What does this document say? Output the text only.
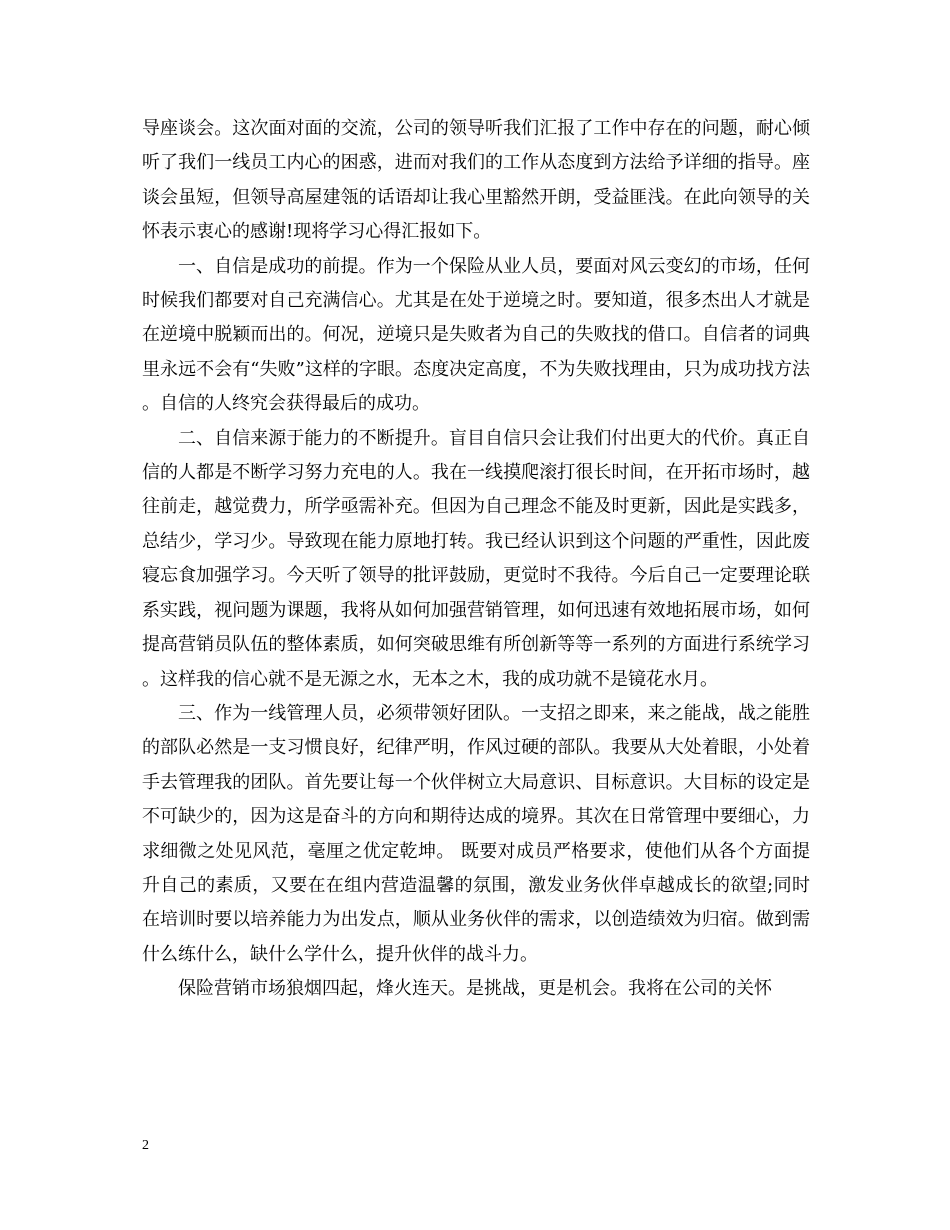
导座谈会。这次面对面的交流，公司的领导听我们汇报了工作中存在的问题，耐心倾听了我们一线员工内心的困惑，进而对我们的工作从态度到方法给予详细的指导。座谈会虽短，但领导高屋建瓴的话语却让我心里豁然开朗，受益匪浅。在此向领导的关怀表示衷心的感谢!现将学习心得汇报如下。

一、自信是成功的前提。作为一个保险从业人员，要面对风云变幻的市场，任何时候我们都要对自己充满信心。尤其是在处于逆境之时。要知道，很多杰出人才就是在逆境中脱颖而出的。何况，逆境只是失败者为自己的失败找的借口。自信者的词典里永远不会有“失败”这样的字眼。态度决定高度，不为失败找理由，只为成功找方法。自信的人终究会获得最后的成功。

二、自信来源于能力的不断提升。盲目自信只会让我们付出更大的代价。真正自信的人都是不断学习努力充电的人。我在一线摸爬滚打很长时间，在开拓市场时，越往前走，越觉费力，所学亟需补充。但因为自己理念不能及时更新，因此是实践多，总结少，学习少。导致现在能力原地打转。我已经认识到这个问题的严重性，因此废寝忘食加强学习。今天听了领导的批评鼓励，更觉时不我待。今后自己一定要理论联系实践，视问题为课题，我将从如何加强营销管理，如何迅速有效地拓展市场，如何提高营销员队伍的整体素质，如何突破思维有所创新等等一系列的方面进行系统学习。这样我的信心就不是无源之水，无本之木，我的成功就不是镜花水月。

三、作为一线管理人员，必须带领好团队。一支招之即来，来之能战，战之能胜的部队必然是一支习惯良好，纪律严明，作风过硬的部队。我要从大处着眼，小处着手去管理我的团队。首先要让每一个伙伴树立大局意识、目标意识。大目标的设定是不可缺少的，因为这是奋斗的方向和期待达成的境界。其次在日常管理中要细心，力求细微之处见风范，毫厘之优定乾坤。 既要对成员严格要求，使他们从各个方面提升自己的素质，又要在在组内营造温馨的氛围，激发业务伙伴卓越成长的欲望;同时在培训时要以培养能力为出发点，顺从业务伙伴的需求，以创造绩效为归宿。做到需什么练什么，缺什么学什么，提升伙伴的战斗力。

保险营销市场狼烟四起，烽火连天。是挑战，更是机会。我将在公司的关怀

2
